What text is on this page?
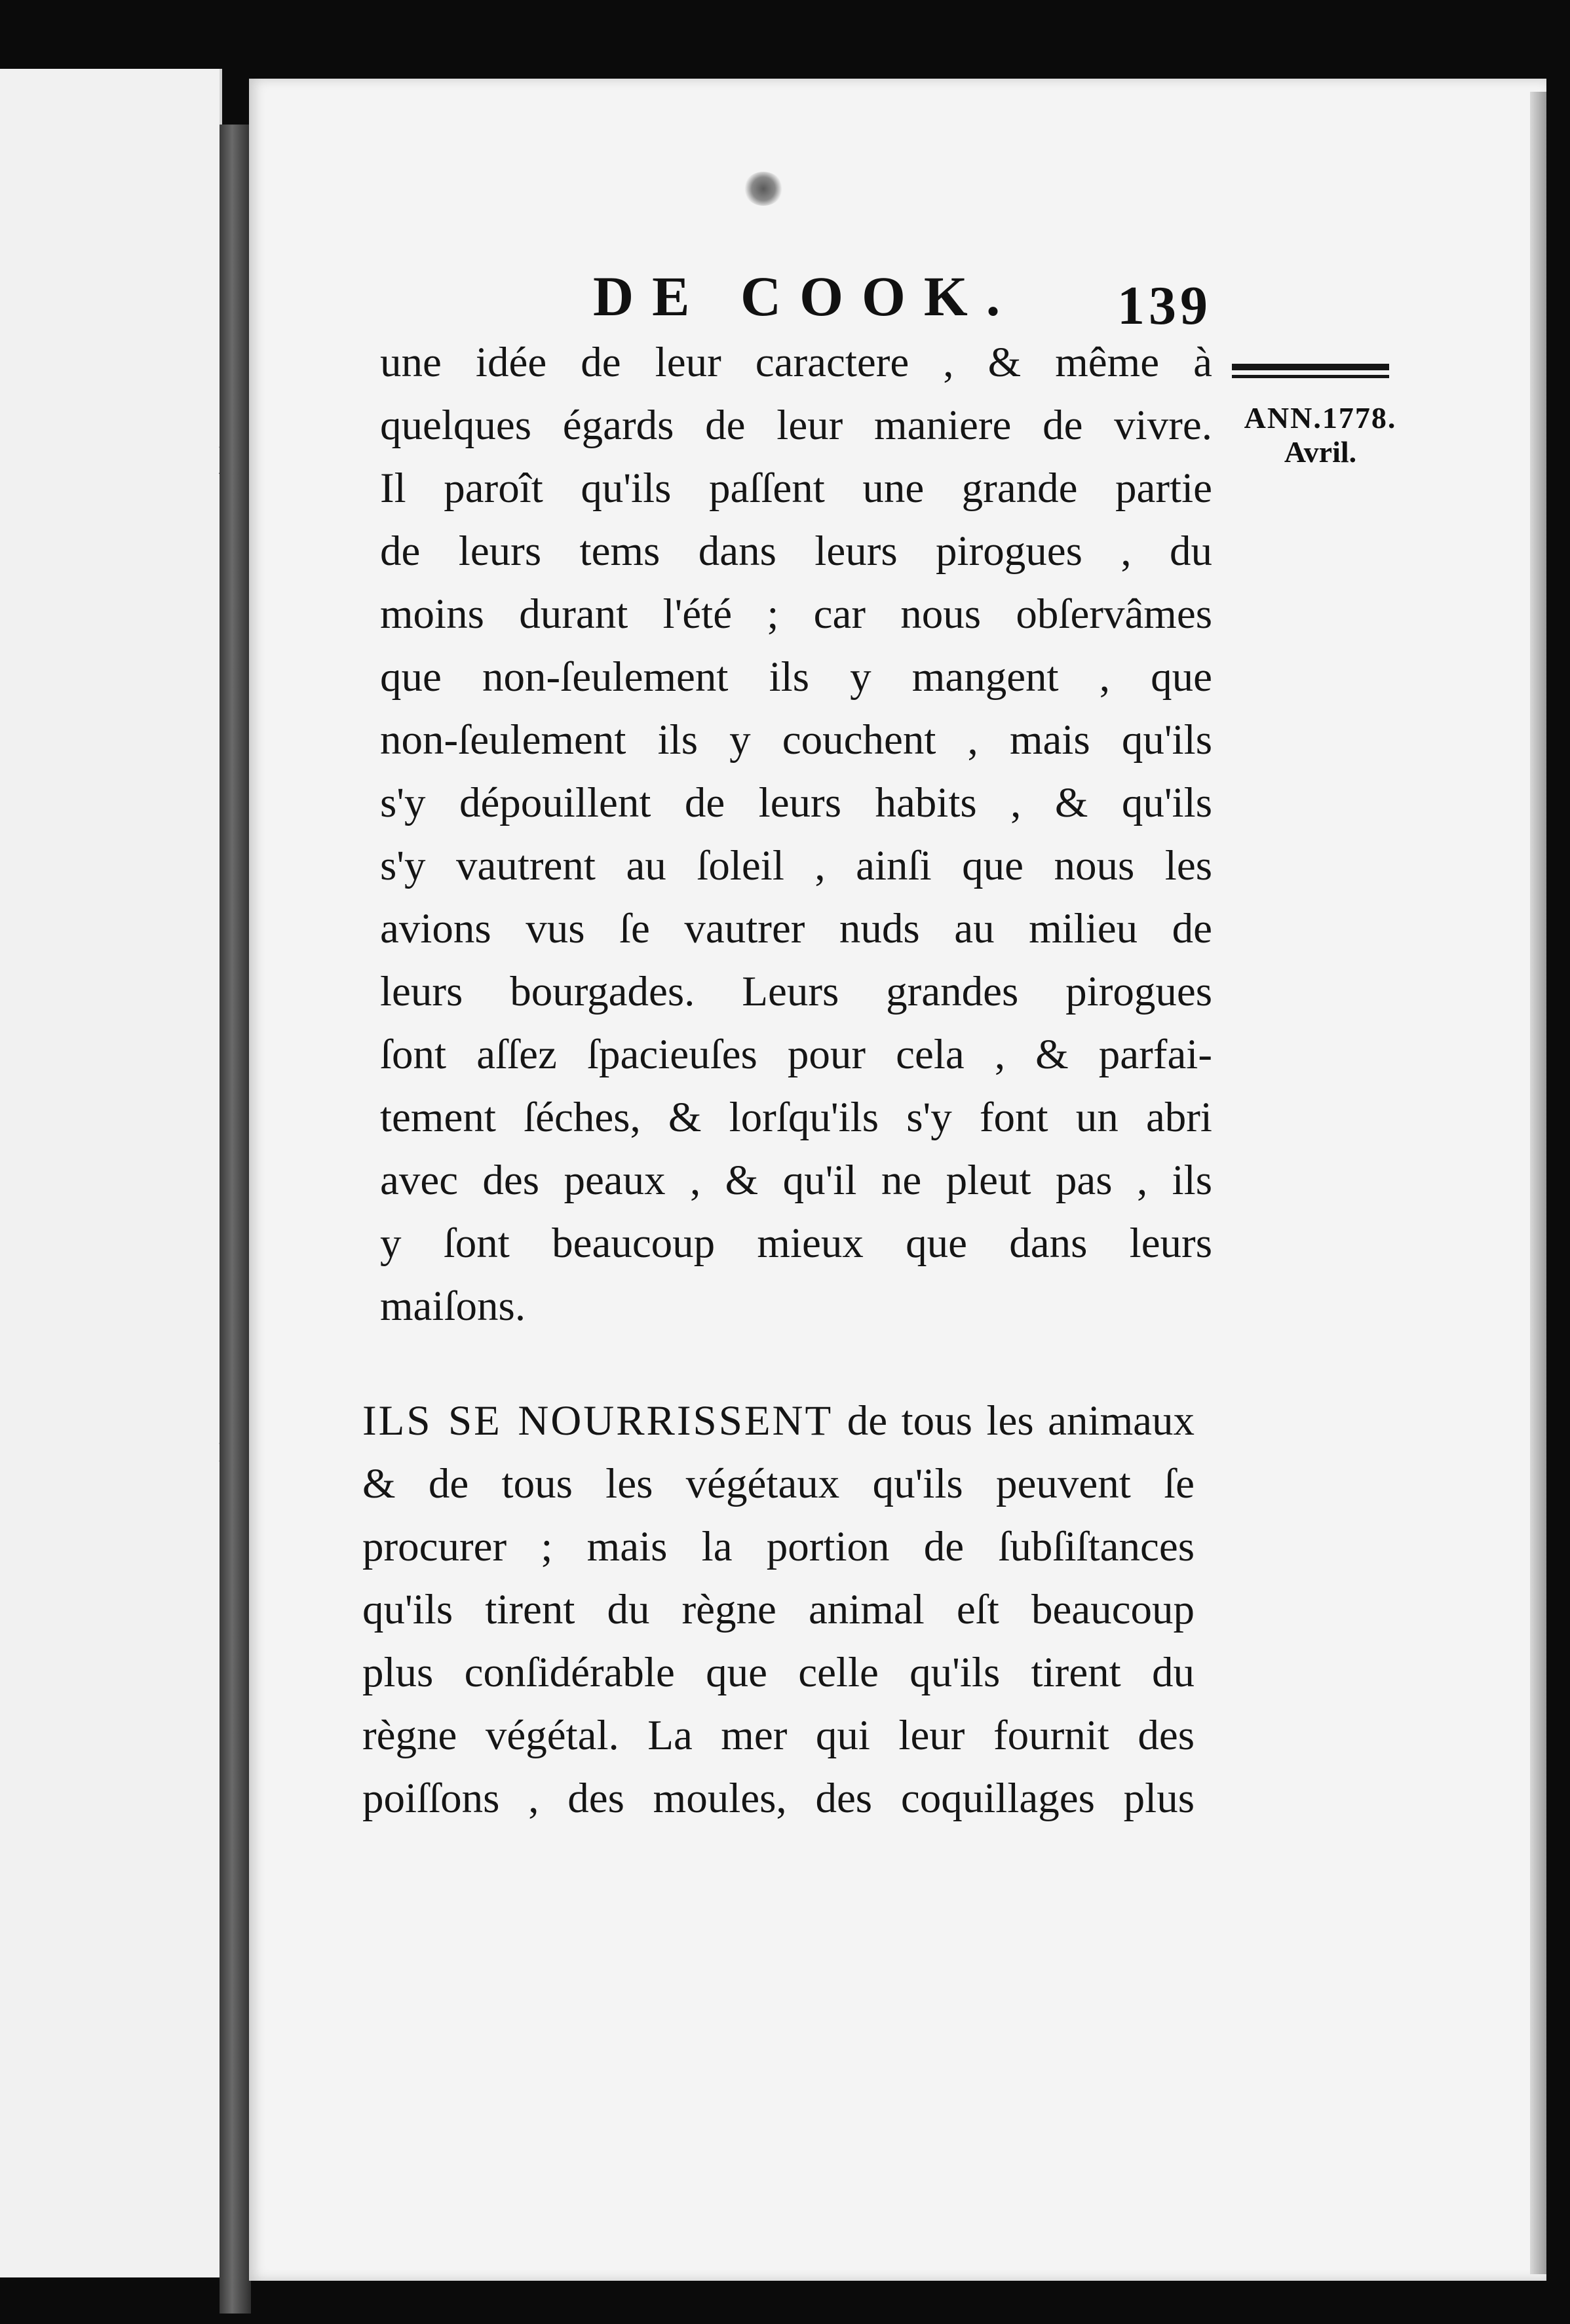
DE COOK. 139
ANN.1778.
Avril.
une idée de leur caractere , & même à
quelques égards de leur maniere de vivre.
Il paroît qu'ils paſſent une grande partie
de leurs tems dans leurs pirogues , du
moins durant l'été ; car nous obſervâmes
que non-ſeulement ils y mangent , que
non-ſeulement ils y couchent , mais qu'ils
s'y dépouillent de leurs habits , & qu'ils
s'y vautrent au ſoleil , ainſi que nous les
avions vus ſe vautrer nuds au milieu de
leurs bourgades. Leurs grandes pirogues
ſont aſſez ſpacieuſes pour cela , & parfai-
tement ſéches, & lorſqu'ils s'y font un abri
avec des peaux , & qu'il ne pleut pas , ils
y ſont beaucoup mieux que dans leurs
maiſons.
ILS SE NOURRISSENT de tous les animaux
& de tous les végétaux qu'ils peuvent ſe
procurer ; mais la portion de ſubſiſtances
qu'ils tirent du règne animal eſt beaucoup
plus conſidérable que celle qu'ils tirent du
règne végétal. La mer qui leur fournit des
poiſſons , des moules, des coquillages plus
